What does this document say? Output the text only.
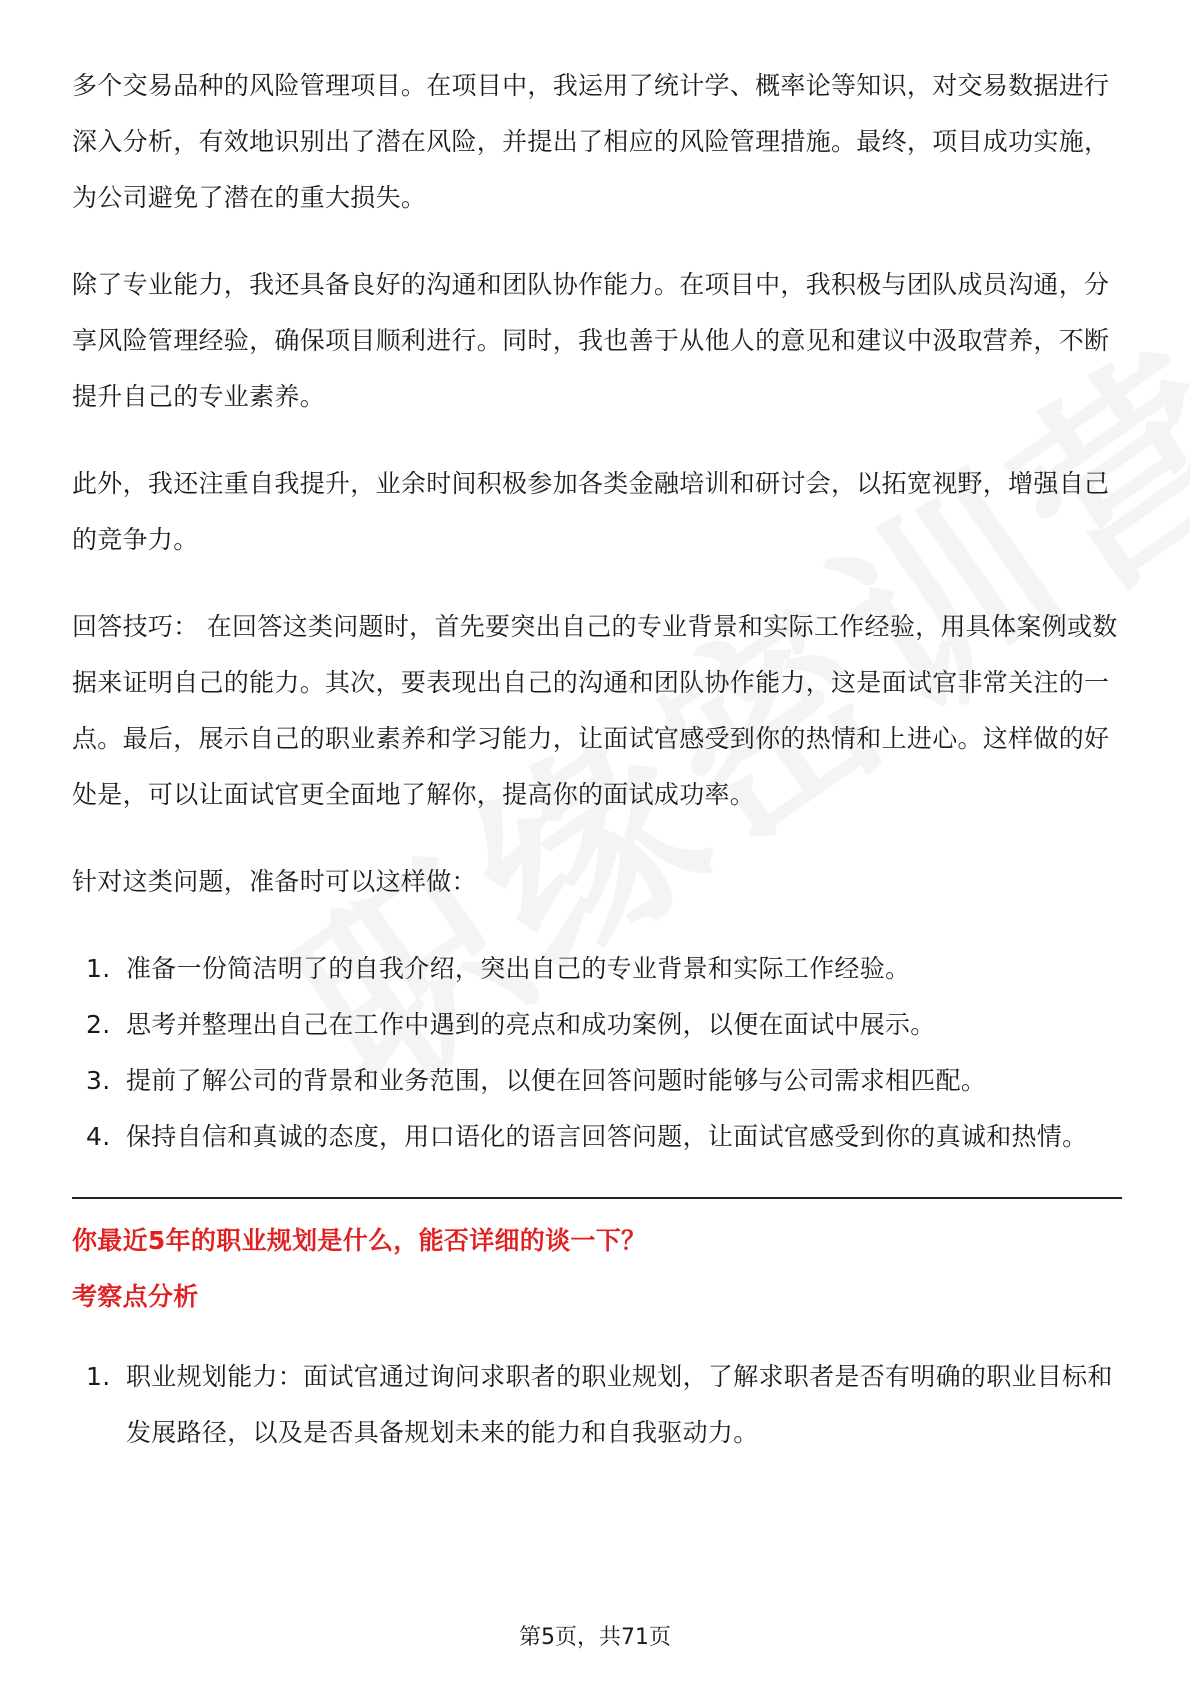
多个交易品种的风险管理项目。在项目中，我运用了统计学、概率论等知识，对交易数据进行深入分析，有效地识别出了潜在风险，并提出了相应的风险管理措施。最终，项目成功实施，为公司避免了潜在的重大损失。

除了专业能力，我还具备良好的沟通和团队协作能力。在项目中，我积极与团队成员沟通，分享风险管理经验，确保项目顺利进行。同时，我也善于从他人的意见和建议中汲取营养，不断提升自己的专业素养。

此外，我还注重自我提升，业余时间积极参加各类金融培训和研讨会，以拓宽视野，增强自己的竞争力。

回答技巧： 在回答这类问题时，首先要突出自己的专业背景和实际工作经验，用具体案例或数据来证明自己的能力。其次，要表现出自己的沟通和团队协作能力，这是面试官非常关注的一点。最后，展示自己的职业素养和学习能力，让面试官感受到你的热情和上进心。这样做的好处是，可以让面试官更全面地了解你，提高你的面试成功率。

针对这类问题，准备时可以这样做：

1. 准备一份简洁明了的自我介绍，突出自己的专业背景和实际工作经验。
2. 思考并整理出自己在工作中遇到的亮点和成功案例，以便在面试中展示。
3. 提前了解公司的背景和业务范围，以便在回答问题时能够与公司需求相匹配。
4. 保持自信和真诚的态度，用口语化的语言回答问题，让面试官感受到你的真诚和热情。
你最近5年的职业规划是什么，能否详细的谈一下？
考察点分析
1. 职业规划能力：面试官通过询问求职者的职业规划，了解求职者是否有明确的职业目标和发展路径，以及是否具备规划未来的能力和自我驱动力。
第5页，共71页
